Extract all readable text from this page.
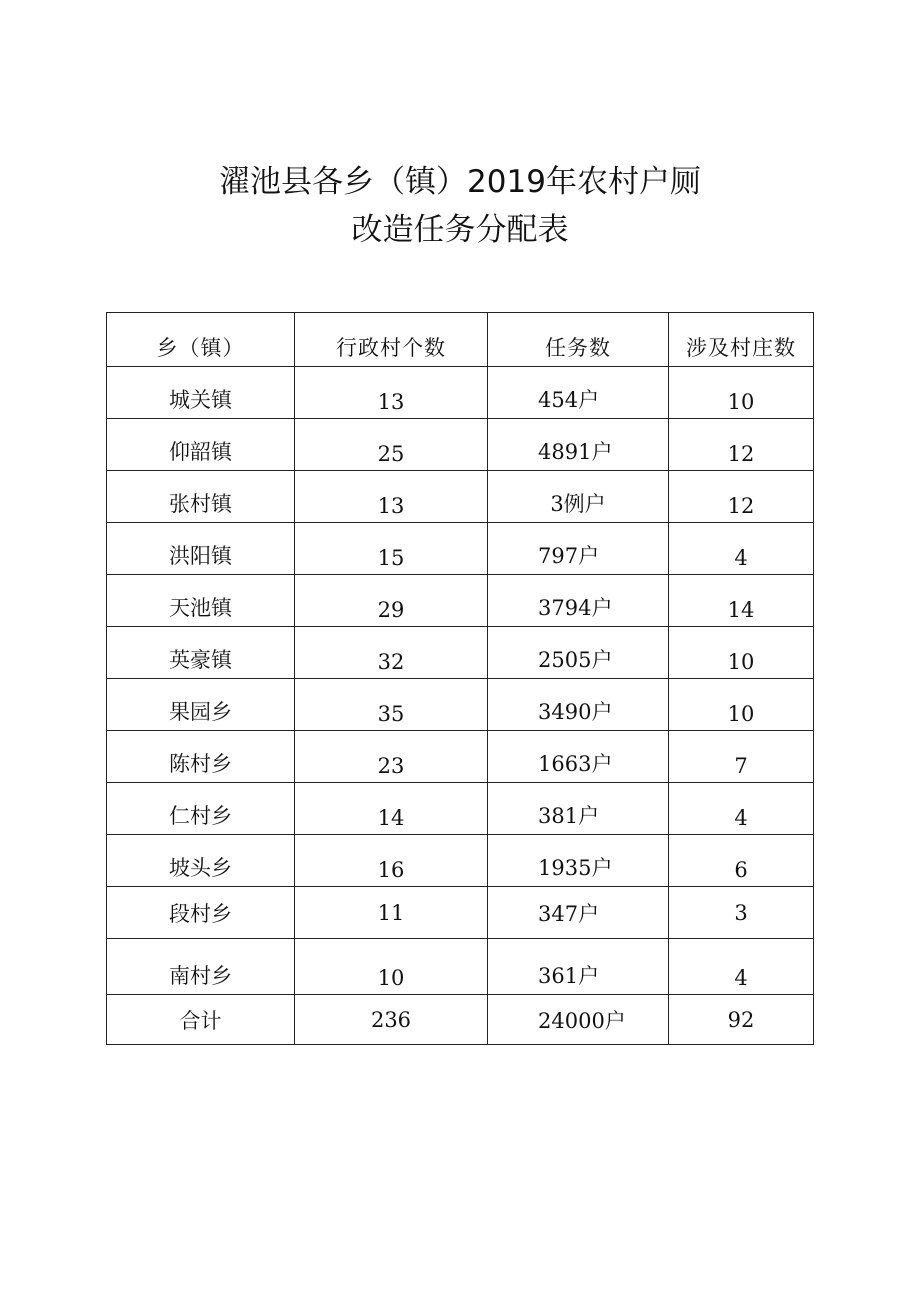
濯池县各乡（镇）2019年农村户厕
改造任务分配表
乡（镇）	行政村个数	任务数	涉及村庄数
城关镇	13	454户	10
仰韶镇	25	4891户	12
张村镇	13	3例户	12
洪阳镇	15	797户	4
天池镇	29	3794户	14
英豪镇	32	2505户	10
果园乡	35	3490户	10
陈村乡	23	1663户	7
仁村乡	14	381户	4
坡头乡	16	1935户	6
段村乡	11	347户	3
南村乡	10	361户	4
合计	236	24000户	92
